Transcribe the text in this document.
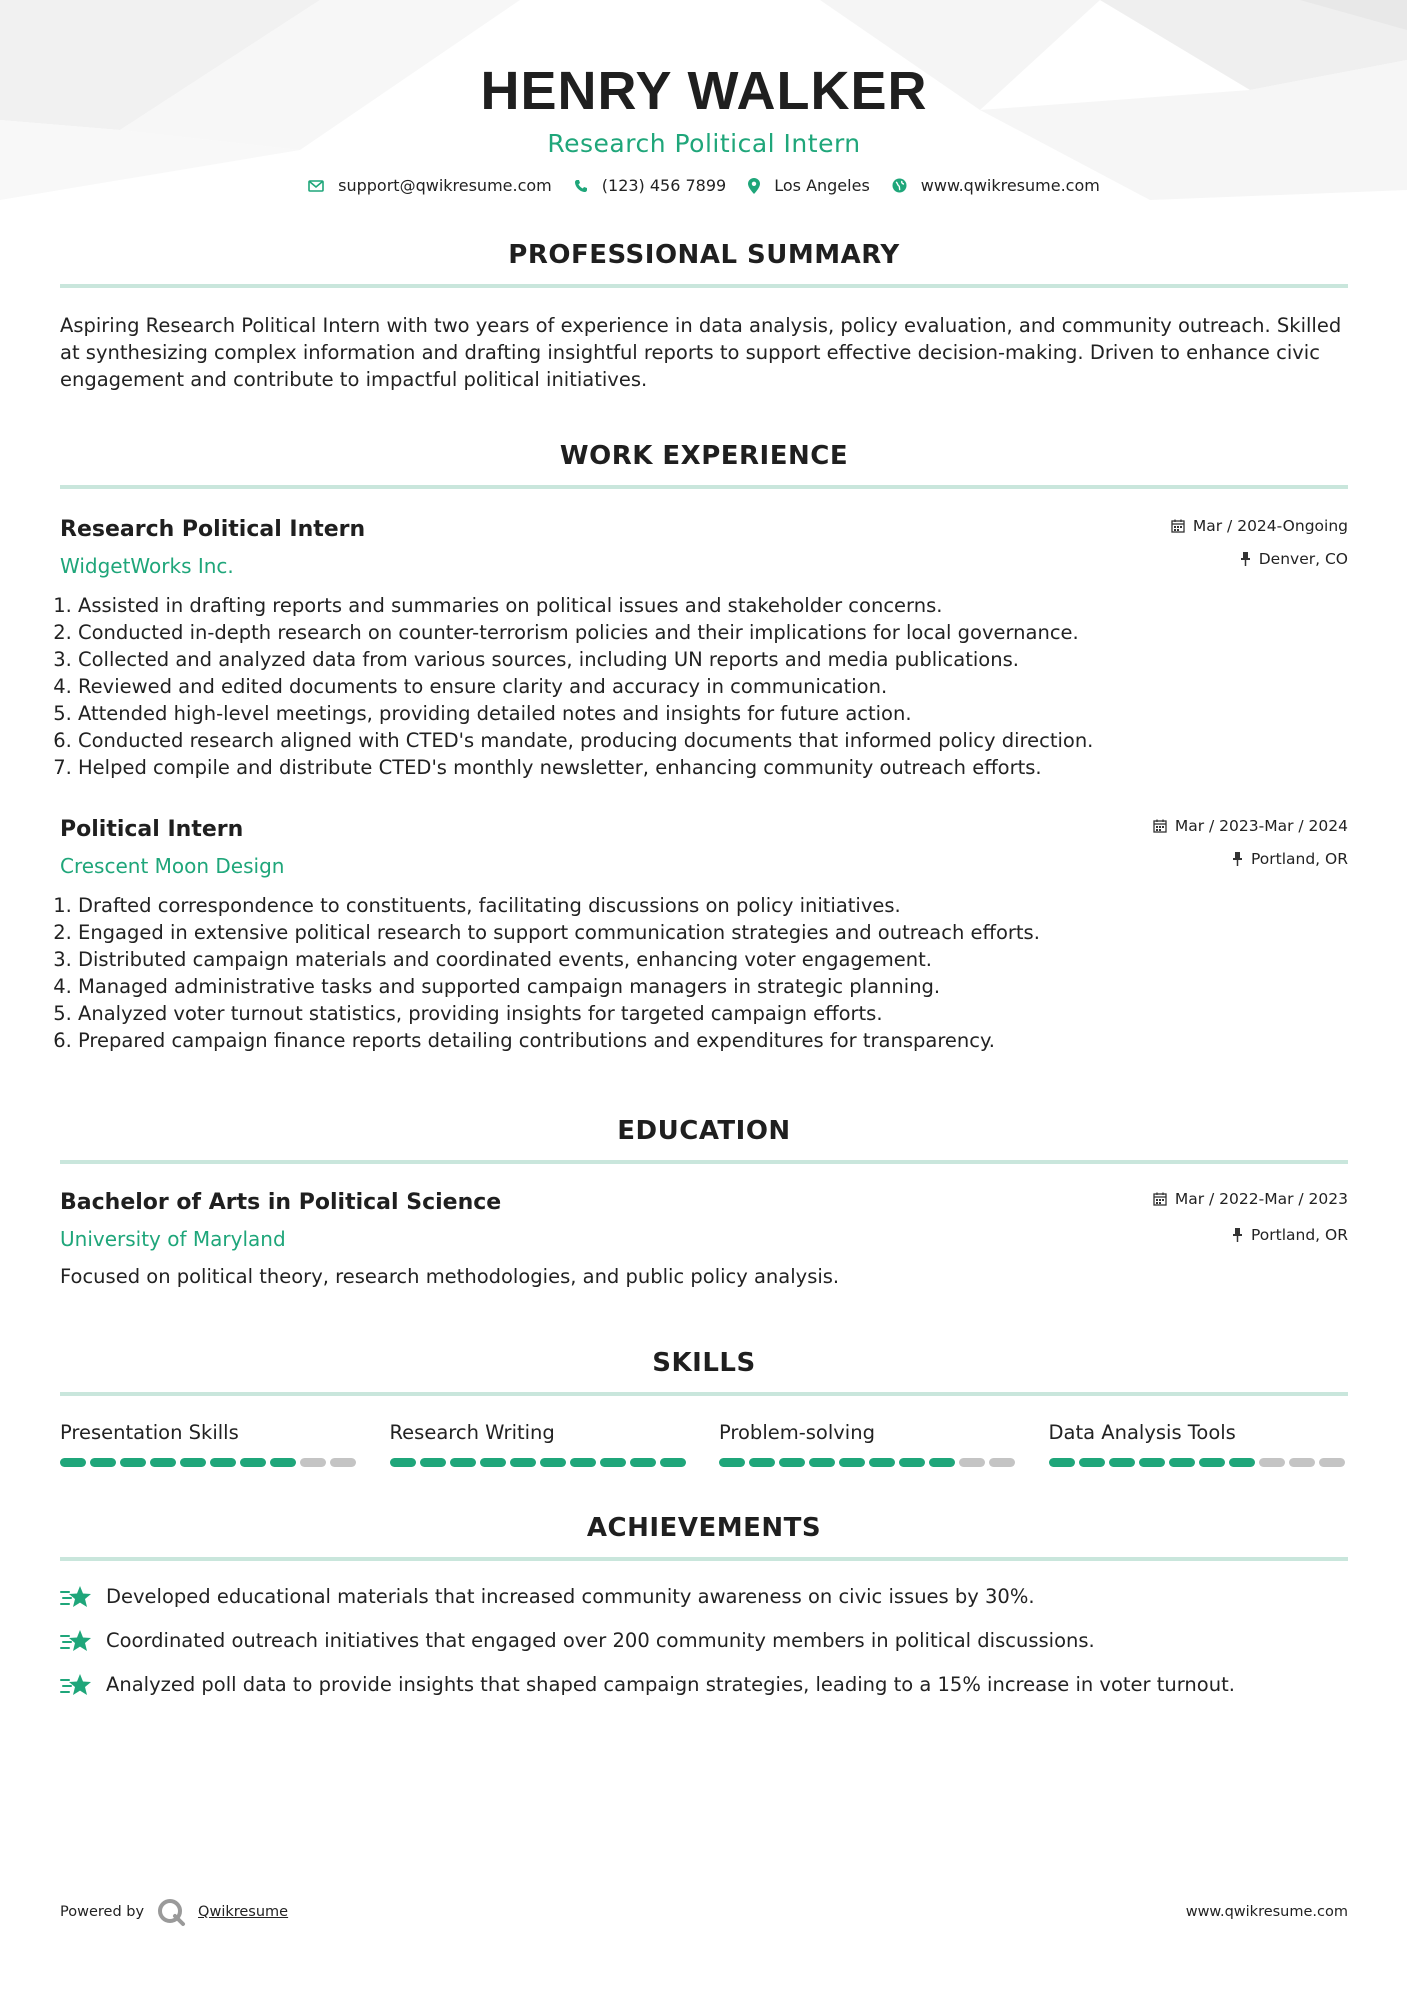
HENRY WALKER
Research Political Intern
support@qwikresume.com	(123) 456 7899	Los Angeles	www.qwikresume.com
PROFESSIONAL SUMMARY
Aspiring Research Political Intern with two years of experience in data analysis, policy evaluation, and community outreach. Skilled at synthesizing complex information and drafting insightful reports to support effective decision-making. Driven to enhance civic engagement and contribute to impactful political initiatives.
WORK EXPERIENCE
Research Political Intern
WidgetWorks Inc.
Mar / 2024-Ongoing
Denver, CO
1. Assisted in drafting reports and summaries on political issues and stakeholder concerns.
2. Conducted in-depth research on counter-terrorism policies and their implications for local governance.
3. Collected and analyzed data from various sources, including UN reports and media publications.
4. Reviewed and edited documents to ensure clarity and accuracy in communication.
5. Attended high-level meetings, providing detailed notes and insights for future action.
6. Conducted research aligned with CTED's mandate, producing documents that informed policy direction.
7. Helped compile and distribute CTED's monthly newsletter, enhancing community outreach efforts.
Political Intern
Crescent Moon Design
Mar / 2023-Mar / 2024
Portland, OR
1. Drafted correspondence to constituents, facilitating discussions on policy initiatives.
2. Engaged in extensive political research to support communication strategies and outreach efforts.
3. Distributed campaign materials and coordinated events, enhancing voter engagement.
4. Managed administrative tasks and supported campaign managers in strategic planning.
5. Analyzed voter turnout statistics, providing insights for targeted campaign efforts.
6. Prepared campaign finance reports detailing contributions and expenditures for transparency.
EDUCATION
Bachelor of Arts in Political Science
University of Maryland
Mar / 2022-Mar / 2023
Portland, OR
Focused on political theory, research methodologies, and public policy analysis.
SKILLS
Presentation Skills	Research Writing	Problem-solving	Data Analysis Tools
ACHIEVEMENTS
Developed educational materials that increased community awareness on civic issues by 30%.
Coordinated outreach initiatives that engaged over 200 community members in political discussions.
Analyzed poll data to provide insights that shaped campaign strategies, leading to a 15% increase in voter turnout.
Powered by	Qwikresume	www.qwikresume.com
